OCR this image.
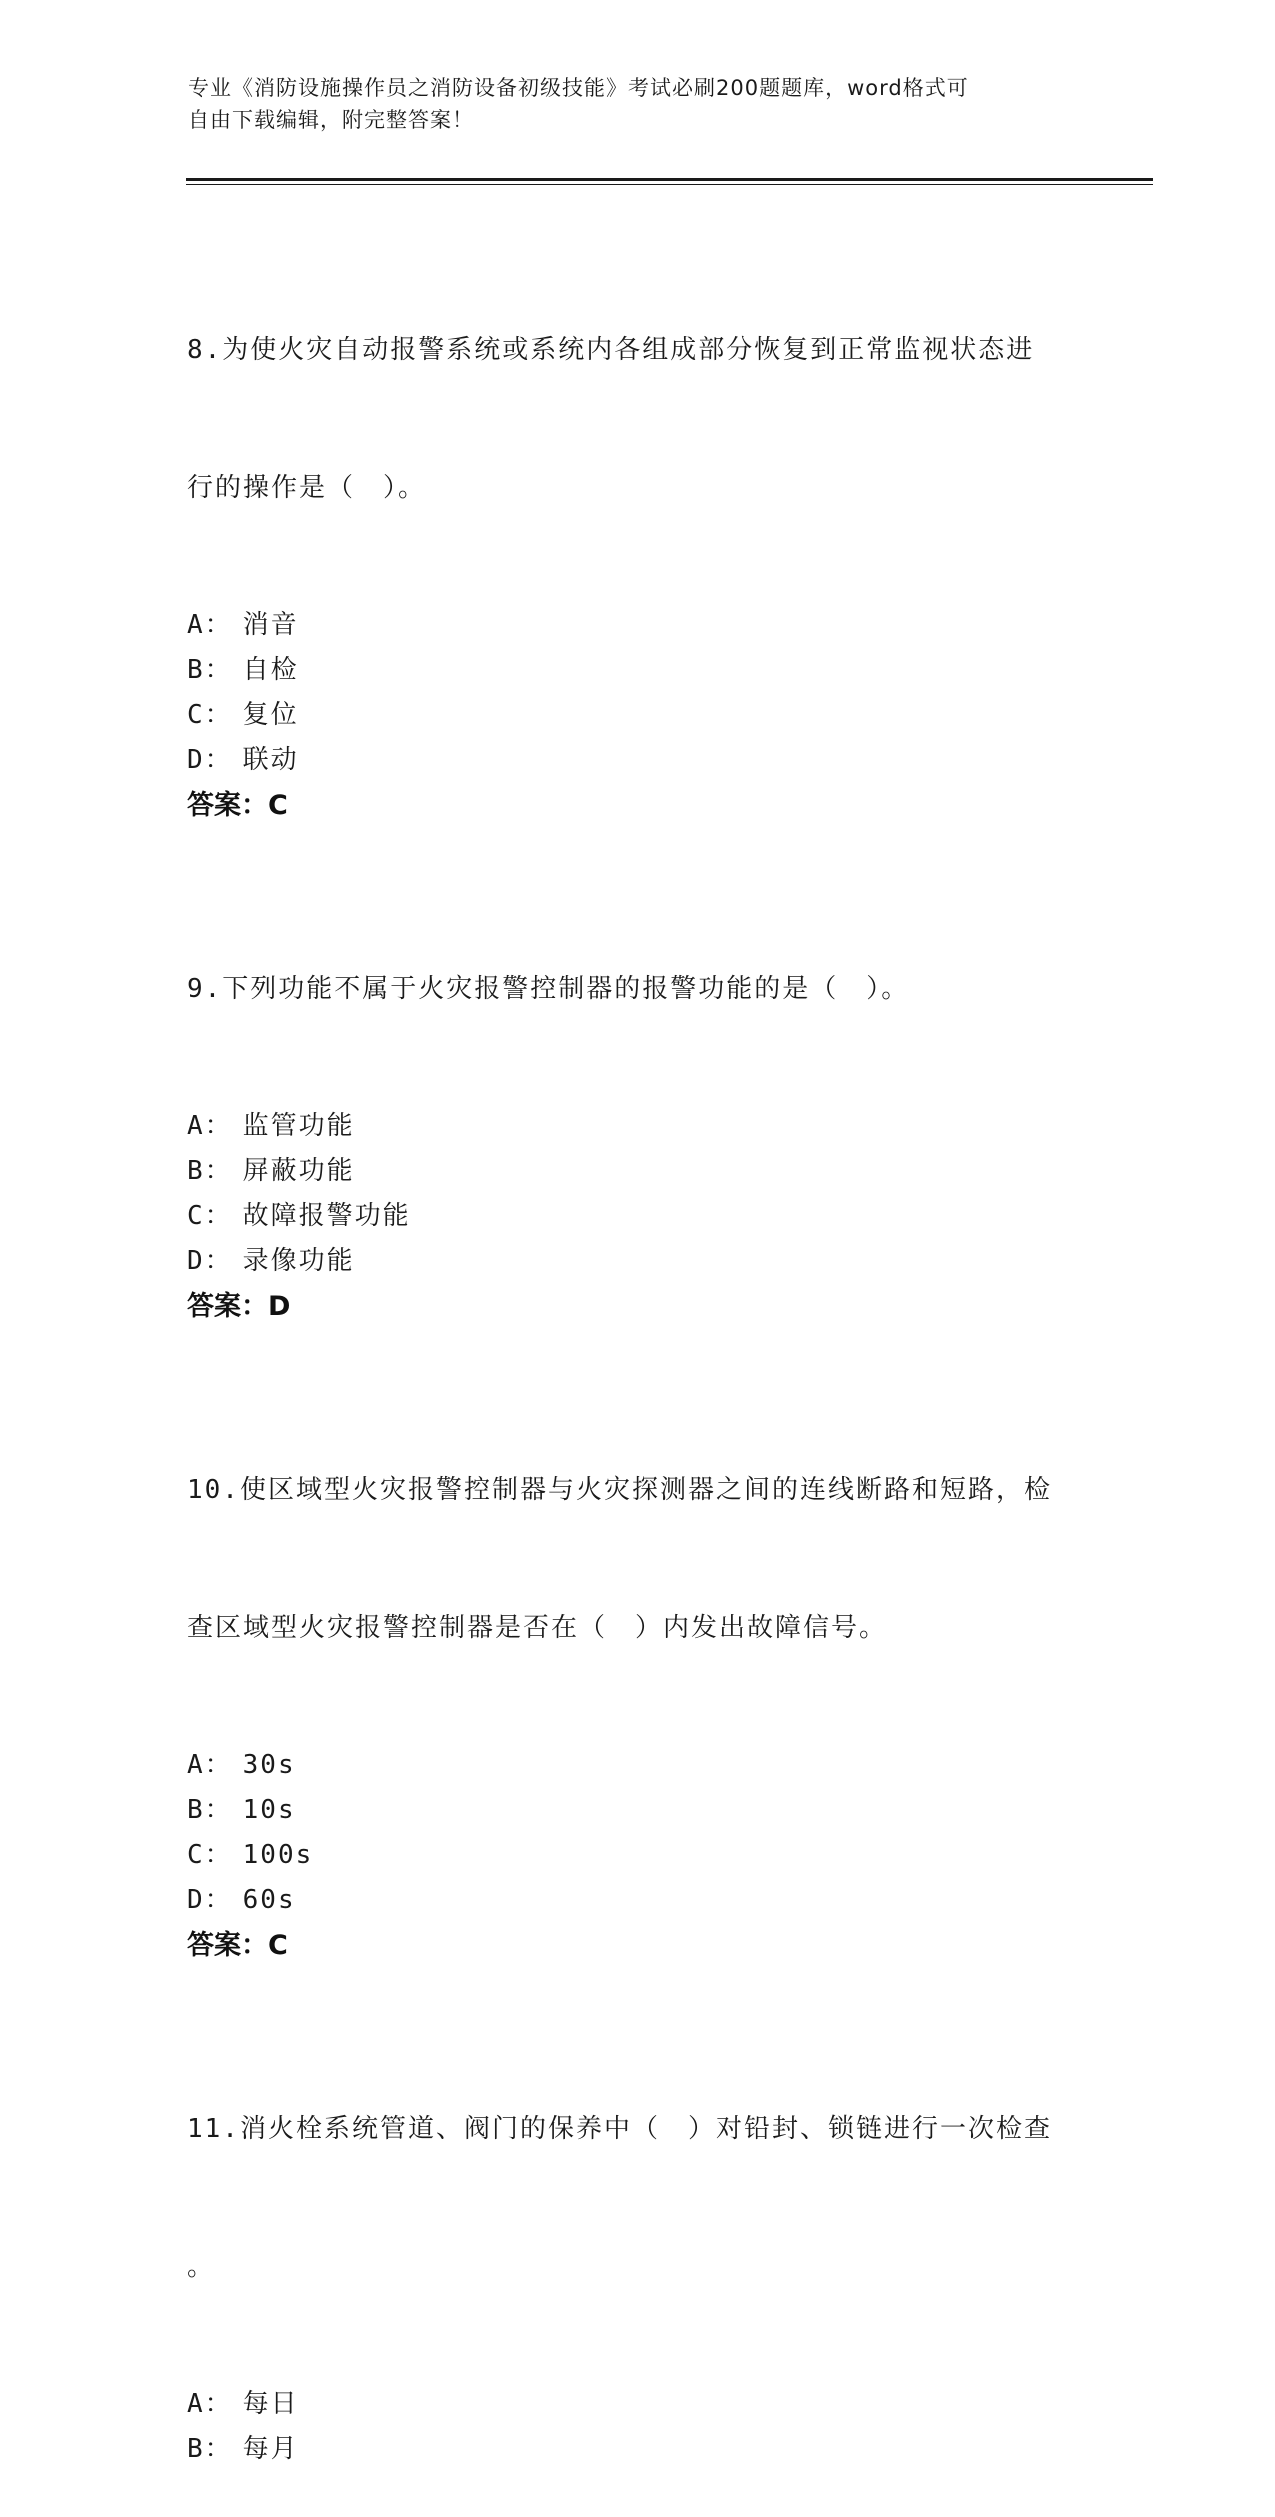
专业《消防设施操作员之消防设备初级技能》考试必刷200题题库，word格式可
自由下载编辑，附完整答案！

8.为使火灾自动报警系统或系统内各组成部分恢复到正常监视状态进

行的操作是（　）。

A： 消音
B： 自检
C： 复位
D： 联动
答案：C

9.下列功能不属于火灾报警控制器的报警功能的是（　）。

A： 监管功能
B： 屏蔽功能
C： 故障报警功能
D： 录像功能
答案：D

10.使区域型火灾报警控制器与火灾探测器之间的连线断路和短路，检

查区域型火灾报警控制器是否在（　）内发出故障信号。

A： 30s
B： 10s
C： 100s
D： 60s
答案：C

11.消火栓系统管道、阀门的保养中（　）对铅封、锁链进行一次检查

。

A： 每日
B： 每月
